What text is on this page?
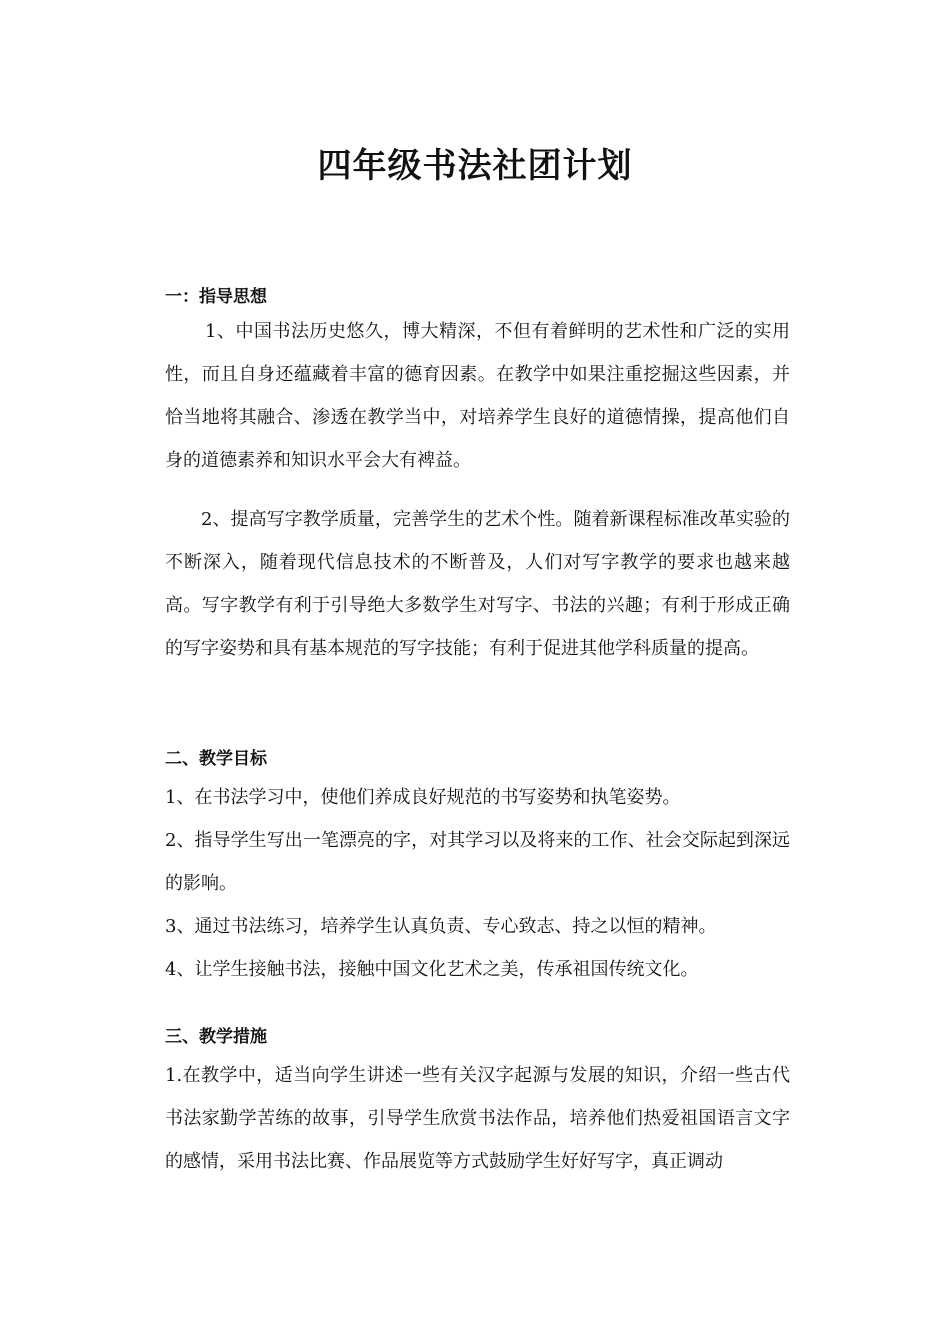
四年级书法社团计划
一：指导思想
1、中国书法历史悠久，博大精深，不但有着鲜明的艺术性和广泛的实用性，而且自身还蕴藏着丰富的德育因素。在教学中如果注重挖掘这些因素，并恰当地将其融合、渗透在教学当中，对培养学生良好的道德情操，提高他们自身的道德素养和知识水平会大有裨益。
2、提高写字教学质量，完善学生的艺术个性。随着新课程标准改革实验的不断深入，随着现代信息技术的不断普及，人们对写字教学的要求也越来越高。写字教学有利于引导绝大多数学生对写字、书法的兴趣；有利于形成正确的写字姿势和具有基本规范的写字技能；有利于促进其他学科质量的提高。
二、教学目标
1、在书法学习中，使他们养成良好规范的书写姿势和执笔姿势。
2、指导学生写出一笔漂亮的字，对其学习以及将来的工作、社会交际起到深远的影响。
3、通过书法练习，培养学生认真负责、专心致志、持之以恒的精神。
4、让学生接触书法，接触中国文化艺术之美，传承祖国传统文化。
三、教学措施
1.在教学中，适当向学生讲述一些有关汉字起源与发展的知识，介绍一些古代书法家勤学苦练的故事，引导学生欣赏书法作品，培养他们热爱祖国语言文字的感情，采用书法比赛、作品展览等方式鼓励学生好好写字，真正调动
